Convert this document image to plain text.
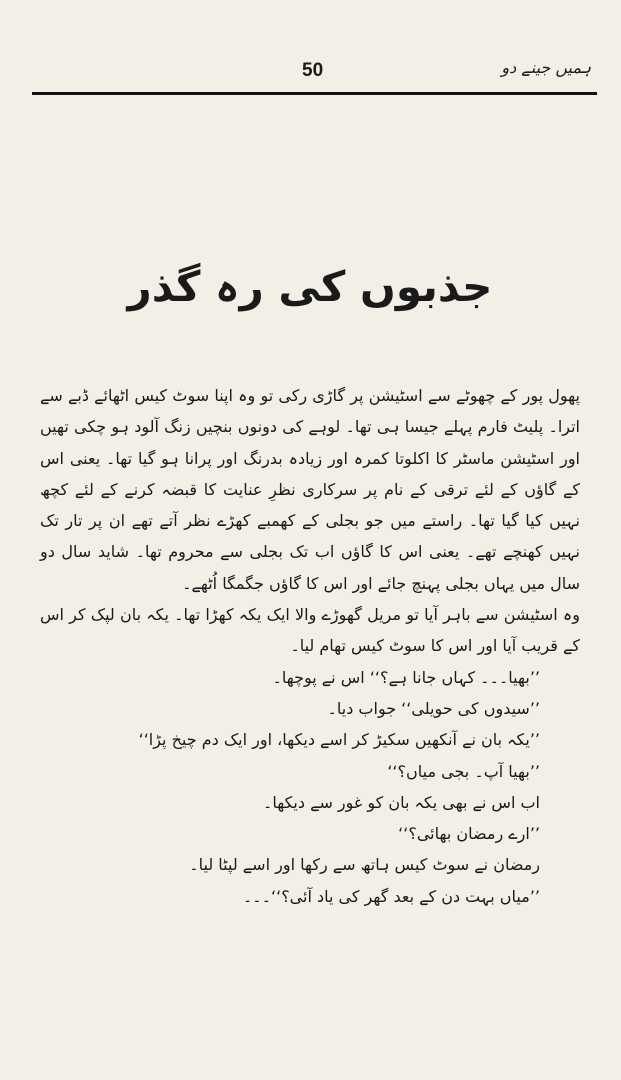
50	ہمیں جینے دو
جذبوں کی رہ گذر

پھول پور کے چھوٹے سے اسٹیشن پر گاڑی رکی تو وہ اپنا سوٹ کیس اٹھائے ڈبے سے اترا۔ پلیٹ فارم پہلے جیسا ہی تھا۔ لوہے کی دونوں بنچیں زنگ آلود ہو چکی تھیں اور اسٹیشن ماسٹر کا اکلوتا کمرہ اور زیادہ بدرنگ اور پرانا ہو گیا تھا۔ یعنی اس کے گاؤں کے لئے ترقی کے نام پر سرکاری نظرِ عنایت کا قبضہ کرنے کے لئے کچھ نہیں کیا گیا تھا۔ راستے میں جو بجلی کے کھمبے کھڑے نظر آتے تھے ان پر تار تک نہیں کھنچے تھے۔ یعنی اس کا گاؤں اب تک بجلی سے محروم تھا۔ شاید سال دو سال میں یہاں بجلی پہنچ جائے اور اس کا گاؤں جگمگا اُٹھے۔

وہ اسٹیشن سے باہر آیا تو مریل گھوڑے والا ایک یکہ کھڑا تھا۔ یکہ بان لپک کر اس کے قریب آیا اور اس کا سوٹ کیس تھام لیا۔

’’بھیا۔۔۔ کہاں جانا ہے؟‘‘ اس نے پوچھا۔

’’سیدوں کی حویلی‘‘ جواب دیا۔

’’یکہ بان نے آنکھیں سکیڑ کر اسے دیکھا، اور ایک دم چیخ پڑا‘‘

’’بھیا آپ۔ بجی میاں؟‘‘

اب اس نے بھی یکہ بان کو غور سے دیکھا۔

’’ارے رمضان بھائی؟‘‘

رمضان نے سوٹ کیس ہاتھ سے رکھا اور اسے لپٹا لیا۔

’’میاں بہت دن کے بعد گھر کی یاد آئی؟‘‘۔۔۔
